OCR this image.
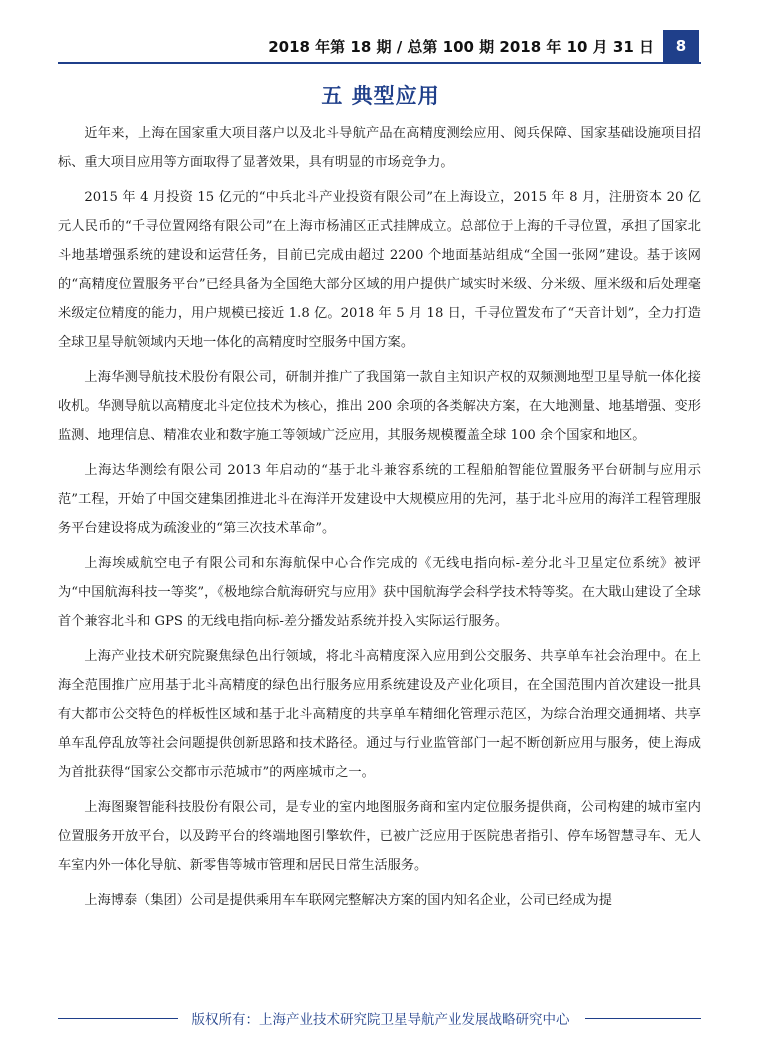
2018 年第 18 期 / 总第 100 期 2018 年 10 月 31 日	8
五 典型应用

近年来，上海在国家重大项目落户以及北斗导航产品在高精度测绘应用、阅兵保障、国家基础设施项目招标、重大项目应用等方面取得了显著效果，具有明显的市场竞争力。

2015 年 4 月投资 15 亿元的“中兵北斗产业投资有限公司”在上海设立，2015 年 8 月，注册资本 20 亿元人民币的“千寻位置网络有限公司”在上海市杨浦区正式挂牌成立。总部位于上海的千寻位置，承担了国家北斗地基增强系统的建设和运营任务，目前已完成由超过 2200 个地面基站组成“全国一张网”建设。基于该网的“高精度位置服务平台”已经具备为全国绝大部分区域的用户提供广域实时米级、分米级、厘米级和后处理毫米级定位精度的能力，用户规模已接近 1.8 亿。2018 年 5 月 18 日，千寻位置发布了“天音计划”，全力打造全球卫星导航领域内天地一体化的高精度时空服务中国方案。

上海华测导航技术股份有限公司，研制并推广了我国第一款自主知识产权的双频测地型卫星导航一体化接收机。华测导航以高精度北斗定位技术为核心，推出 200 余项的各类解决方案，在大地测量、地基增强、变形监测、地理信息、精准农业和数字施工等领域广泛应用，其服务规模覆盖全球 100 余个国家和地区。

上海达华测绘有限公司 2013 年启动的“基于北斗兼容系统的工程船舶智能位置服务平台研制与应用示范”工程，开始了中国交建集团推进北斗在海洋开发建设中大规模应用的先河，基于北斗应用的海洋工程管理服务平台建设将成为疏浚业的“第三次技术革命”。

上海埃威航空电子有限公司和东海航保中心合作完成的《无线电指向标-差分北斗卫星定位系统》被评为“中国航海科技一等奖”，《极地综合航海研究与应用》获中国航海学会科学技术特等奖。在大戢山建设了全球首个兼容北斗和 GPS 的无线电指向标-差分播发站系统并投入实际运行服务。

上海产业技术研究院聚焦绿色出行领域，将北斗高精度深入应用到公交服务、共享单车社会治理中。在上海全范围推广应用基于北斗高精度的绿色出行服务应用系统建设及产业化项目，在全国范围内首次建设一批具有大都市公交特色的样板性区域和基于北斗高精度的共享单车精细化管理示范区，为综合治理交通拥堵、共享单车乱停乱放等社会问题提供创新思路和技术路径。通过与行业监管部门一起不断创新应用与服务，使上海成为首批获得“国家公交都市示范城市”的两座城市之一。

上海图聚智能科技股份有限公司，是专业的室内地图服务商和室内定位服务提供商，公司构建的城市室内位置服务开放平台，以及跨平台的终端地图引擎软件，已被广泛应用于医院患者指引、停车场智慧寻车、无人车室内外一体化导航、新零售等城市管理和居民日常生活服务。

上海博泰（集团）公司是提供乘用车车联网完整解决方案的国内知名企业，公司已经成为提

版权所有：上海产业技术研究院卫星导航产业发展战略研究中心
